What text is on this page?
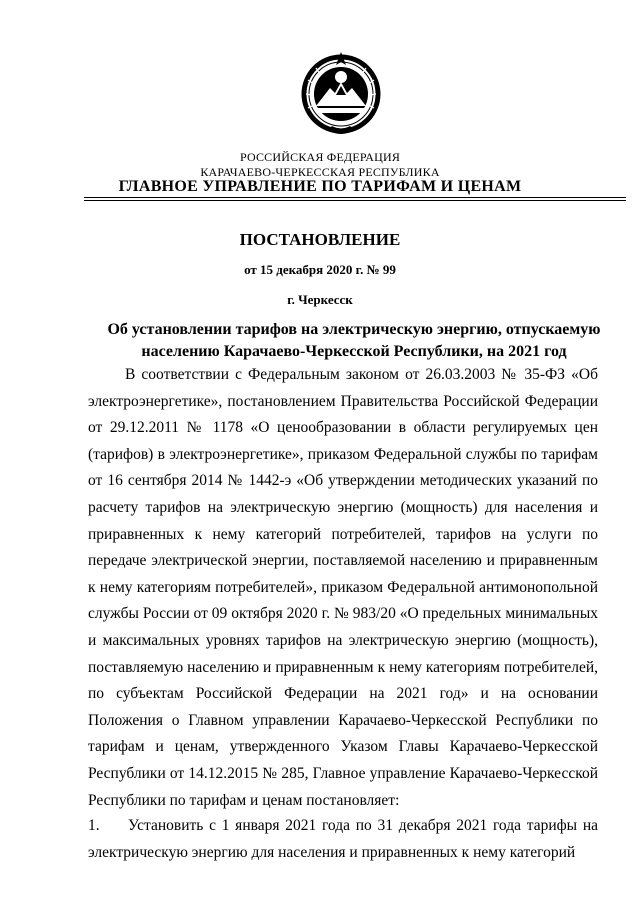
РОССИЙСКАЯ ФЕДЕРАЦИЯ

КАРАЧАЕВО-ЧЕРКЕССКАЯ РЕСПУБЛИКА

ГЛАВНОЕ УПРАВЛЕНИЕ ПО ТАРИФАМ И ЦЕНАМ

ПОСТАНОВЛЕНИЕ

от 15 декабря 2020 г. № 99

г. Черкесск

Об установлении тарифов на электрическую энергию, отпускаемую населению Карачаево-Черкесской Республики, на 2021 год

В соответствии с Федеральным законом от 26.03.2003 № 35-ФЗ «Об электроэнергетике», постановлением Правительства Российской Федерации от 29.12.2011 № 1178 «О ценообразовании в области регулируемых цен (тарифов) в электроэнергетике», приказом Федеральной службы по тарифам от 16 сентября 2014 № 1442-э «Об утверждении методических указаний по расчету тарифов на электрическую энергию (мощность) для населения и приравненных к нему категорий потребителей, тарифов на услуги по передаче электрической энергии, поставляемой населению и приравненным к нему категориям потребителей», приказом Федеральной антимонопольной службы России от 09 октября 2020 г. № 983/20 «О предельных минимальных и максимальных уровнях тарифов на электрическую энергию (мощность), поставляемую населению и приравненным к нему категориям потребителей, по субъектам Российской Федерации на 2021 год» и на основании Положения о Главном управлении Карачаево-Черкесской Республики по тарифам и ценам, утвержденного Указом Главы Карачаево-Черкесской Республики от 14.12.2015 № 285, Главное управление Карачаево-Черкесской Республики по тарифам и ценам постановляет:

1. Установить с 1 января 2021 года по 31 декабря 2021 года тарифы на электрическую энергию для населения и приравненных к нему категорий
